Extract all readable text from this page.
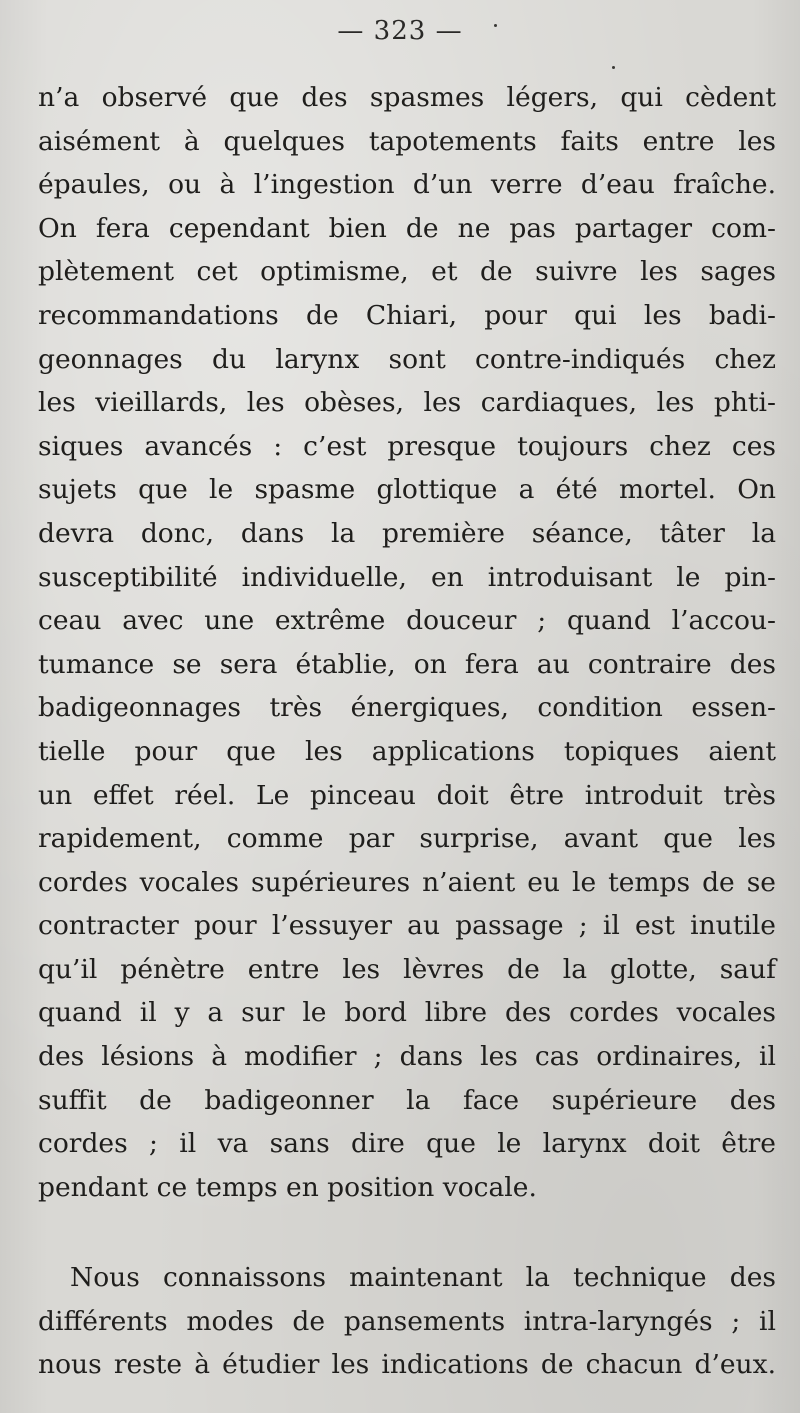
— 323 —
n’a observé que des spasmes légers, qui cèdent
aisément à quelques tapotements faits entre les
épaules, ou à l’ingestion d’un verre d’eau fraîche.
On fera cependant bien de ne pas partager com-
plètement cet optimisme, et de suivre les sages
recommandations de Chiari, pour qui les badi-
geonnages du larynx sont contre-indiqués chez
les vieillards, les obèses, les cardiaques, les phti-
siques avancés : c’est presque toujours chez ces
sujets que le spasme glottique a été mortel. On
devra donc, dans la première séance, tâter la
susceptibilité individuelle, en introduisant le pin-
ceau avec une extrême douceur ; quand l’accou-
tumance se sera établie, on fera au contraire des
badigeonnages très énergiques, condition essen-
tielle pour que les applications topiques aient
un effet réel. Le pinceau doit être introduit très
rapidement, comme par surprise, avant que les
cordes vocales supérieures n’aient eu le temps de se
contracter pour l’essuyer au passage ; il est inutile
qu’il pénètre entre les lèvres de la glotte, sauf
quand il y a sur le bord libre des cordes vocales
des lésions à modifier ; dans les cas ordinaires, il
suffit de badigeonner la face supérieure des
cordes ; il va sans dire que le larynx doit être
pendant ce temps en position vocale.
Nous connaissons maintenant la technique des
différents modes de pansements intra-laryngés ; il
nous reste à étudier les indications de chacun d’eux.
